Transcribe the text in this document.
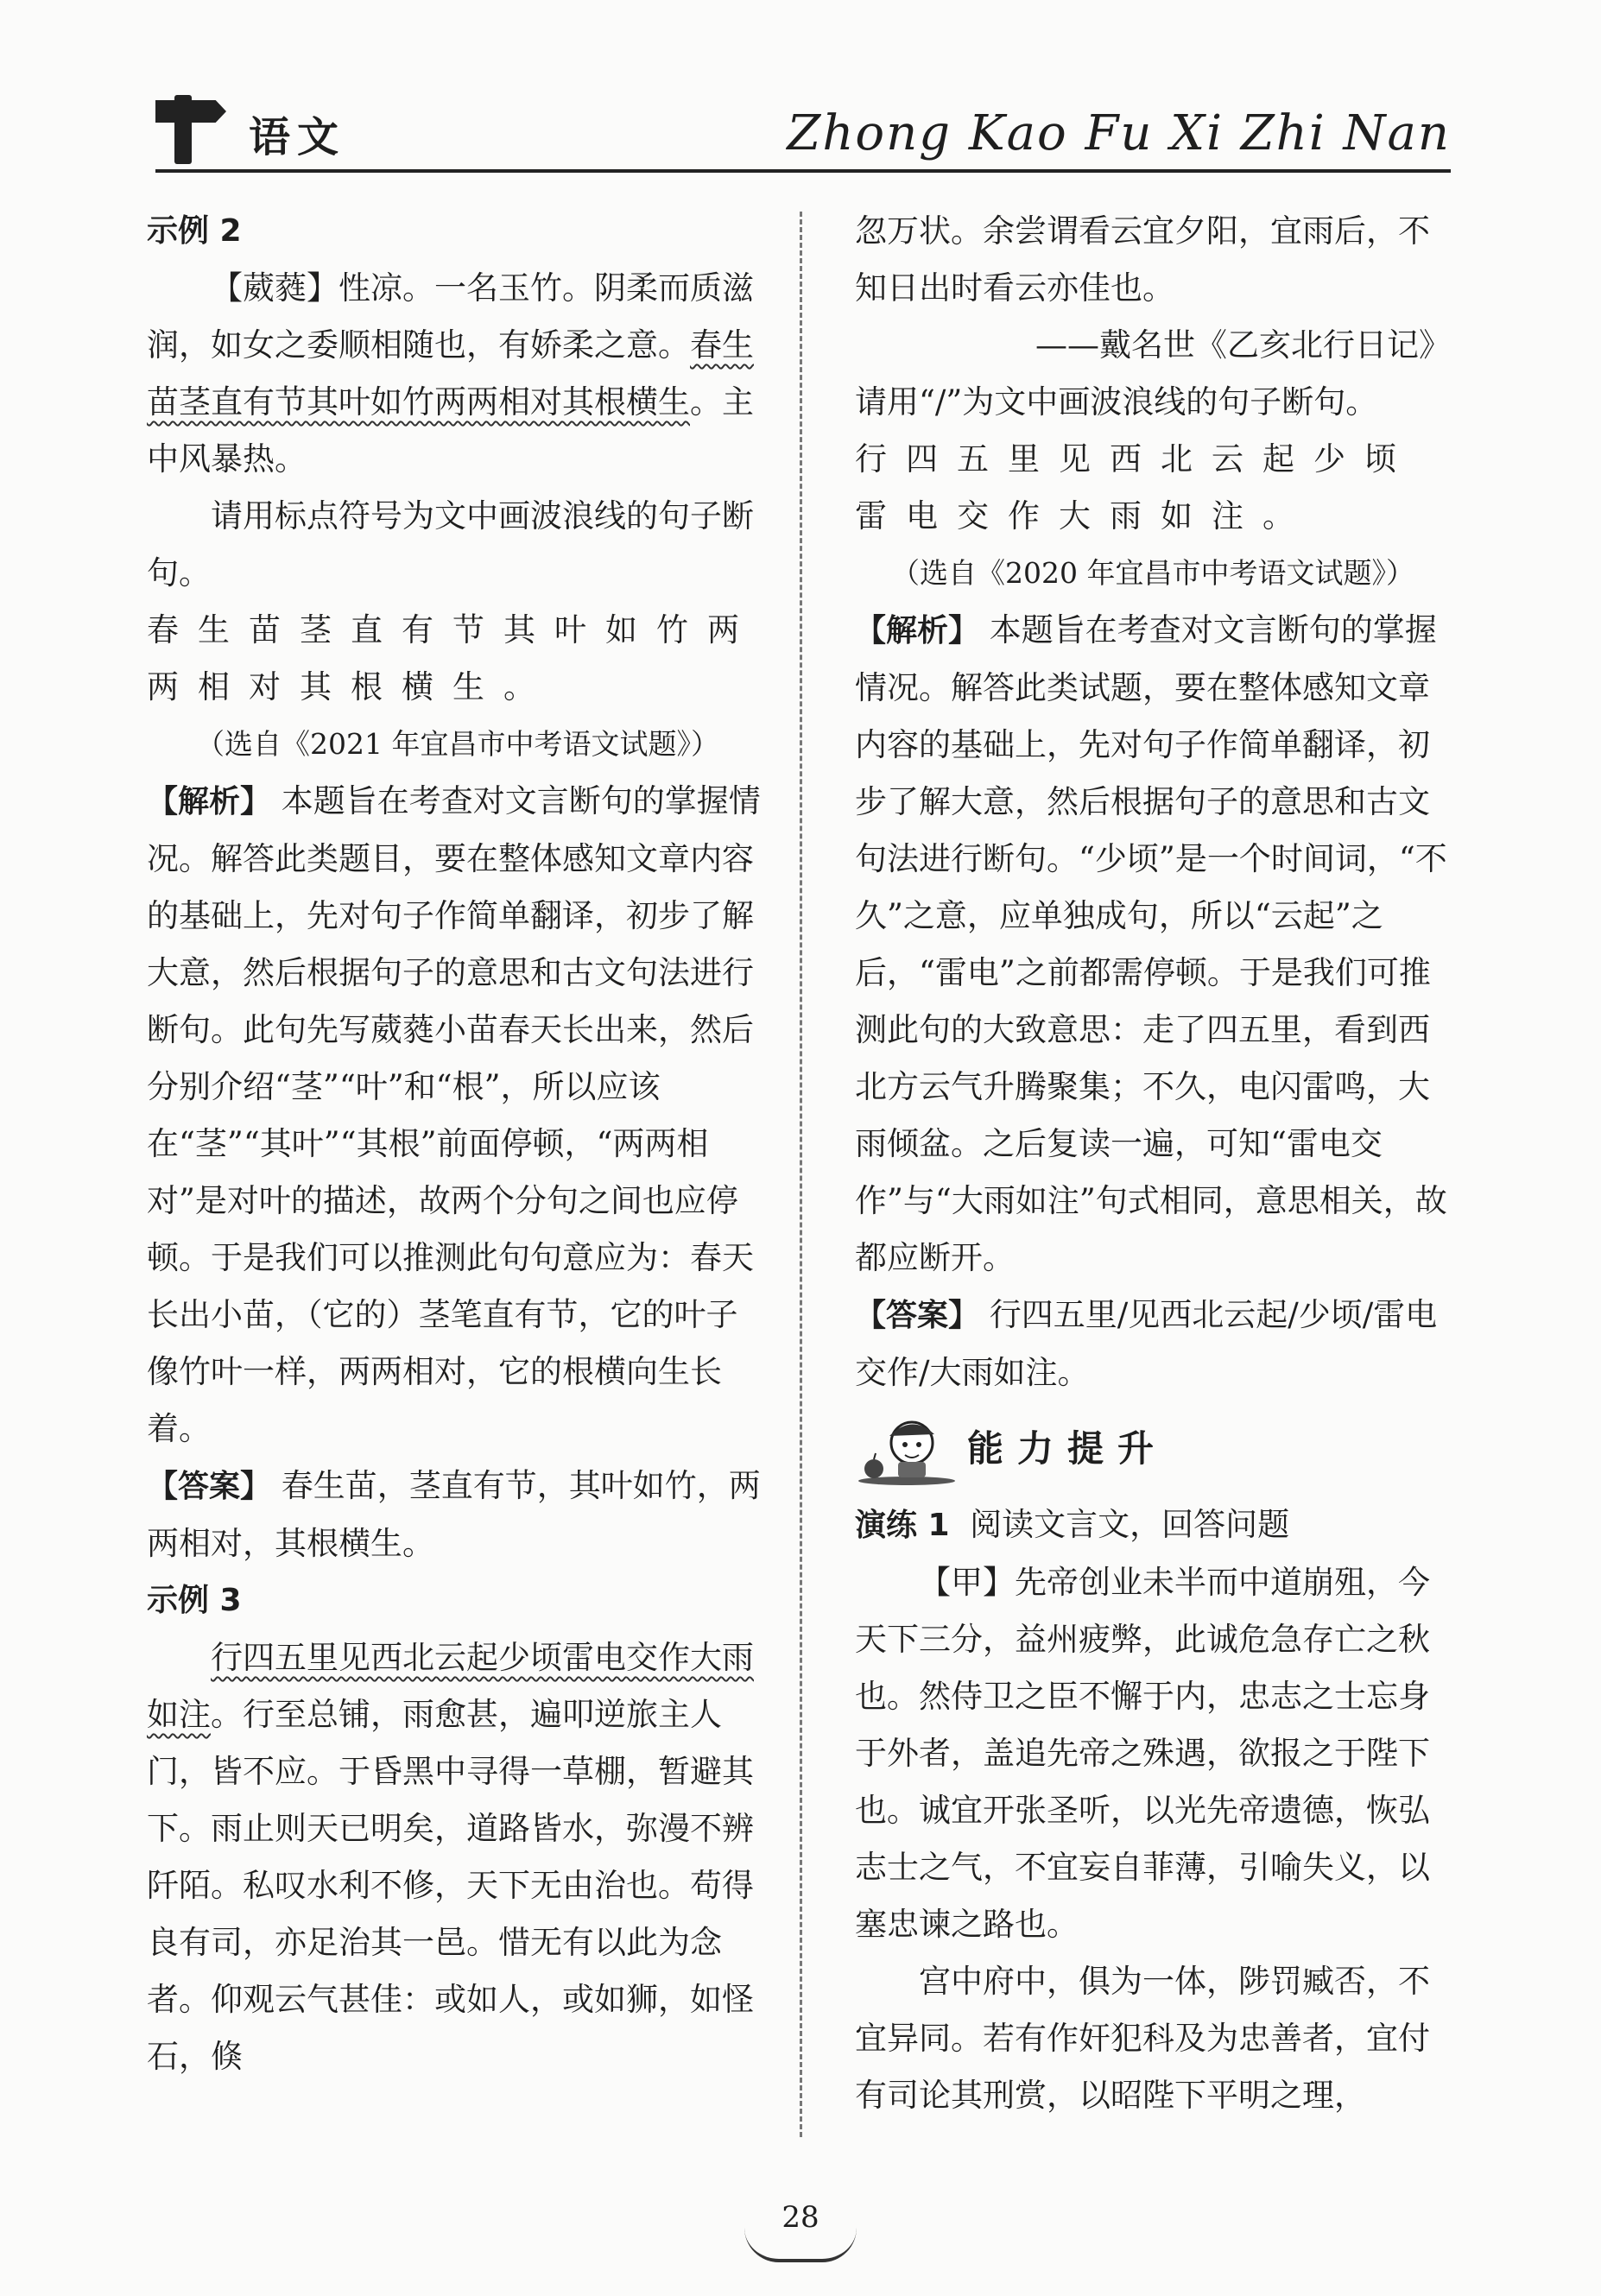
语文	Zhong Kao Fu Xi Zhi Nan

示例 2

【葳蕤】性凉。一名玉竹。阴柔而质滋润，如女之委顺相随也，有娇柔之意。春生苗茎直有节其叶如竹两两相对其根横生。主中风暴热。

请用标点符号为文中画波浪线的句子断句。

春生苗茎直有节其叶如竹两两相对其根横生。

（选自《2021 年宜昌市中考语文试题》）

【解析】 本题旨在考查对文言断句的掌握情况。解答此类题目，要在整体感知文章内容的基础上，先对句子作简单翻译，初步了解大意，然后根据句子的意思和古文句法进行断句。此句先写葳蕤小苗春天长出来，然后分别介绍“茎”“叶”和“根”，所以应该在“茎”“其叶”“其根”前面停顿，“两两相对”是对叶的描述，故两个分句之间也应停顿。于是我们可以推测此句句意应为：春天长出小苗，（它的）茎笔直有节，它的叶子像竹叶一样，两两相对，它的根横向生长着。

【答案】 春生苗，茎直有节，其叶如竹，两两相对，其根横生。

示例 3

行四五里见西北云起少顷雷电交作大雨如注。行至总铺，雨愈甚，遍叩逆旅主人门，皆不应。于昏黑中寻得一草棚，暂避其下。雨止则天已明矣，道路皆水，弥漫不辨阡陌。私叹水利不修，天下无由治也。苟得良有司，亦足治其一邑。惜无有以此为念者。仰观云气甚佳：或如人，或如狮，如怪石，倏

忽万状。余尝谓看云宜夕阳，宜雨后，不知日出时看云亦佳也。

——戴名世《乙亥北行日记》

请用“/”为文中画波浪线的句子断句。

行四五里见西北云起少顷雷电交作大雨如注。

（选自《2020 年宜昌市中考语文试题》）

【解析】 本题旨在考查对文言断句的掌握情况。解答此类试题，要在整体感知文章内容的基础上，先对句子作简单翻译，初步了解大意，然后根据句子的意思和古文句法进行断句。“少顷”是一个时间词，“不久”之意，应单独成句，所以“云起”之后，“雷电”之前都需停顿。于是我们可推测此句的大致意思：走了四五里，看到西北方云气升腾聚集；不久，电闪雷鸣，大雨倾盆。之后复读一遍，可知“雷电交作”与“大雨如注”句式相同，意思相关，故都应断开。

【答案】 行四五里/见西北云起/少顷/雷电交作/大雨如注。

能力提升

演练 1 阅读文言文，回答问题

【甲】先帝创业未半而中道崩殂，今天下三分，益州疲弊，此诚危急存亡之秋也。然侍卫之臣不懈于内，忠志之士忘身于外者，盖追先帝之殊遇，欲报之于陛下也。诚宜开张圣听，以光先帝遗德，恢弘志士之气，不宜妄自菲薄，引喻失义，以塞忠谏之路也。

宫中府中，俱为一体，陟罚臧否，不宜异同。若有作奸犯科及为忠善者，宜付有司论其刑赏，以昭陛下平明之理，

28
